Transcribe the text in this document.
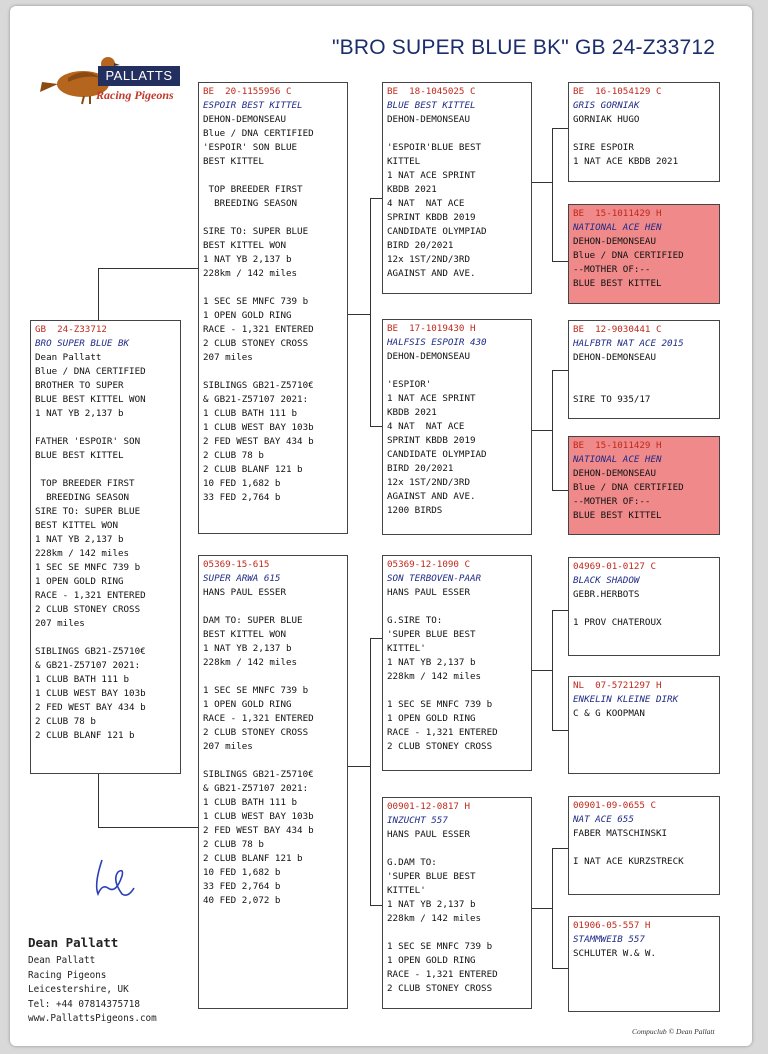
"BRO SUPER BLUE BK" GB 24-Z33712
PALLATTS
Racing Pigeons
GB  24-Z33712
BRO SUPER BLUE BK
Dean Pallatt
Blue / DNA CERTIFIED
BROTHER TO SUPER
BLUE BEST KITTEL WON
1 NAT YB 2,137 b
FATHER 'ESPOIR' SON
BLUE BEST KITTEL
TOP BREEDER FIRST
BREEDING SEASON
SIRE TO: SUPER BLUE
BEST KITTEL WON
1 NAT YB 2,137 b
228km / 142 miles
1 SEC SE MNFC 739 b
1 OPEN GOLD RING
RACE - 1,321 ENTERED
2 CLUB STONEY CROSS
207 miles
SIBLINGS GB21-Z5710€
& GB21-Z57107 2021:
1 CLUB BATH 111 b
1 CLUB WEST BAY 103b
2 FED WEST BAY 434 b
2 CLUB 78 b
2 CLUB BLANF 121 b
BE  20-1155956 C
ESPOIR BEST KITTEL
DEHON-DEMONSEAU
Blue / DNA CERTIFIED
'ESPOIR' SON BLUE
BEST KITTEL
TOP BREEDER FIRST
BREEDING SEASON
SIRE TO: SUPER BLUE
BEST KITTEL WON
1 NAT YB 2,137 b
228km / 142 miles
1 SEC SE MNFC 739 b
1 OPEN GOLD RING
RACE - 1,321 ENTERED
2 CLUB STONEY CROSS
207 miles
SIBLINGS GB21-Z5710€
& GB21-Z57107 2021:
1 CLUB BATH 111 b
1 CLUB WEST BAY 103b
2 FED WEST BAY 434 b
2 CLUB 78 b
2 CLUB BLANF 121 b
10 FED 1,682 b
33 FED 2,764 b
05369-15-615
SUPER ARWA 615
HANS PAUL ESSER
DAM TO: SUPER BLUE
BEST KITTEL WON
1 NAT YB 2,137 b
228km / 142 miles
1 SEC SE MNFC 739 b
1 OPEN GOLD RING
RACE - 1,321 ENTERED
2 CLUB STONEY CROSS
207 miles
SIBLINGS GB21-Z5710€
& GB21-Z57107 2021:
1 CLUB BATH 111 b
1 CLUB WEST BAY 103b
2 FED WEST BAY 434 b
2 CLUB 78 b
2 CLUB BLANF 121 b
10 FED 1,682 b
33 FED 2,764 b
40 FED 2,072 b
BE  18-1045025 C
BLUE BEST KITTEL
DEHON-DEMONSEAU
'ESPOIR'BLUE BEST
KITTEL
1 NAT ACE SPRINT
KBDB 2021
4 NAT  NAT ACE
SPRINT KBDB 2019
CANDIDATE OLYMPIAD
BIRD 20/2021
12x 1ST/2ND/3RD
AGAINST AND AVE.
BE  17-1019430 H
HALFSIS ESPOIR 430
DEHON-DEMONSEAU
'ESPIOR'
1 NAT ACE SPRINT
KBDB 2021
4 NAT  NAT ACE
SPRINT KBDB 2019
CANDIDATE OLYMPIAD
BIRD 20/2021
12x 1ST/2ND/3RD
AGAINST AND AVE.
1200 BIRDS
05369-12-1090 C
SON TERBOVEN-PAAR
HANS PAUL ESSER
G.SIRE TO:
'SUPER BLUE BEST
KITTEL'
1 NAT YB 2,137 b
228km / 142 miles
1 SEC SE MNFC 739 b
1 OPEN GOLD RING
RACE - 1,321 ENTERED
2 CLUB STONEY CROSS
00901-12-0817 H
INZUCHT 557
HANS PAUL ESSER
G.DAM TO:
'SUPER BLUE BEST
KITTEL'
1 NAT YB 2,137 b
228km / 142 miles
1 SEC SE MNFC 739 b
1 OPEN GOLD RING
RACE - 1,321 ENTERED
2 CLUB STONEY CROSS
BE  16-1054129 C
GRIS GORNIAK
GORNIAK HUGO
SIRE ESPOIR
1 NAT ACE KBDB 2021
BE  15-1011429 H
NATIONAL ACE HEN
DEHON-DEMONSEAU
Blue / DNA CERTIFIED
--MOTHER OF:--
BLUE BEST KITTEL
BE  12-9030441 C
HALFBTR NAT ACE 2015
DEHON-DEMONSEAU
SIRE TO 935/17
BE  15-1011429 H
NATIONAL ACE HEN
DEHON-DEMONSEAU
Blue / DNA CERTIFIED
--MOTHER OF:--
BLUE BEST KITTEL
04969-01-0127 C
BLACK SHADOW
GEBR.HERBOTS
1 PROV CHATEROUX
NL  07-5721297 H
ENKELIN KLEINE DIRK
C & G KOOPMAN
00901-09-0655 C
NAT ACE 655
FABER MATSCHINSKI
I NAT ACE KURZSTRECK
01906-05-557 H
STAMMWEIB 557
SCHLUTER W.& W.
Dean Pallatt
Dean Pallatt
Racing Pigeons
Leicestershire, UK
Tel: +44 07814375718
www.PallattsPigeons.com
Compuclub © Dean Pallatt
